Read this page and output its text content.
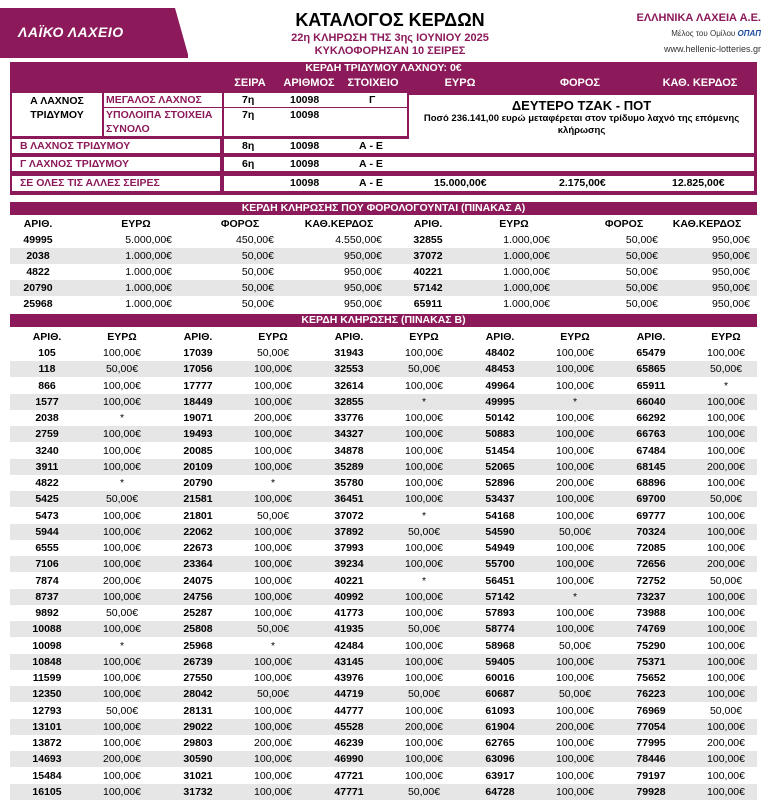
ΛΑΪΚΟ ΛΑΧΕΙΟ
ΚΑΤΑΛΟΓΟΣ ΚΕΡΔΩΝ
22η ΚΛΗΡΩΣΗ ΤΗΣ 3ης ΙΟΥΝΙΟΥ 2025
ΚΥΚΛΟΦΟΡΗΣΑΝ 10 ΣΕΙΡΕΣ
ΕΛΛΗΝΙΚΑ ΛΑΧΕΙΑ Α.Ε.
Μέλος του Ομίλου ΟΠΑΠ
www.hellenic-lotteries.gr
ΚΕΡΔΗ ΤΡΙΔΥΜΟΥ ΛΑΧΝΟΥ: 0€
ΣΕΙΡΑ	ΑΡΙΘΜΟΣ	ΣΤΟΙΧΕΙΟ	ΕΥΡΩ	ΦΟΡΟΣ	ΚΑΘ. ΚΕΡΔΟΣ
Α ΛΑΧΝΟΣ ΤΡΙΔΥΜΟΥ
ΜΕΓΑΛΟΣ ΛΑΧΝΟΣ	7η	10098	Γ
ΥΠΟΛΟΙΠΑ ΣΤΟΙΧΕΙΑ ΣΥΝΟΛΟ
7η	10098
ΔΕΥΤΕΡΟ ΤΖΑΚ - ΠΟΤ
Ποσό 236.141,00 ευρώ μεταφέρεται στον τρίδυμο λαχνό της επόμενης κλήρωσης
Β ΛΑΧΝΟΣ ΤΡΙΔΥΜΟΥ	8η	10098	Α - Ε
Γ ΛΑΧΝΟΣ ΤΡΙΔΥΜΟΥ	6η	10098	Α - Ε
ΣΕ ΟΛΕΣ ΤΙΣ ΑΛΛΕΣ ΣΕΙΡΕΣ	10098	Α - Ε	15.000,00€	2.175,00€	12.825,00€
ΚΕΡΔΗ ΚΛΗΡΩΣΗΣ ΠΟΥ ΦΟΡΟΛΟΓΟΥΝΤΑΙ (ΠΙΝΑΚΑΣ Α)
ΑΡΙΘ.	ΕΥΡΩ	ΦΟΡΟΣ	ΚΑΘ.ΚΕΡΔΟΣ	ΑΡΙΘ.	ΕΥΡΩ	ΦΟΡΟΣ	ΚΑΘ.ΚΕΡΔΟΣ
49995	5.000,00€	450,00€	4.550,00€	32855	1.000,00€	50,00€	950,00€
2038	1.000,00€	50,00€	950,00€	37072	1.000,00€	50,00€	950,00€
4822	1.000,00€	50,00€	950,00€	40221	1.000,00€	50,00€	950,00€
20790	1.000,00€	50,00€	950,00€	57142	1.000,00€	50,00€	950,00€
25968	1.000,00€	50,00€	950,00€	65911	1.000,00€	50,00€	950,00€
ΚΕΡΔΗ ΚΛΗΡΩΣΗΣ (ΠΙΝΑΚΑΣ Β)
ΑΡΙΘ.	ΕΥΡΩ	ΑΡΙΘ.	ΕΥΡΩ	ΑΡΙΘ.	ΕΥΡΩ	ΑΡΙΘ.	ΕΥΡΩ	ΑΡΙΘ.	ΕΥΡΩ
105	100,00€	17039	50,00€	31943	100,00€	48402	100,00€	65479	100,00€
118	50,00€	17056	100,00€	32553	50,00€	48453	100,00€	65865	50,00€
866	100,00€	17777	100,00€	32614	100,00€	49964	100,00€	65911	*
1577	100,00€	18449	100,00€	32855	*	49995	*	66040	100,00€
2038	*	19071	200,00€	33776	100,00€	50142	100,00€	66292	100,00€
2759	100,00€	19493	100,00€	34327	100,00€	50883	100,00€	66763	100,00€
3240	100,00€	20085	100,00€	34878	100,00€	51454	100,00€	67484	100,00€
3911	100,00€	20109	100,00€	35289	100,00€	52065	100,00€	68145	200,00€
4822	*	20790	*	35780	100,00€	52896	200,00€	68896	100,00€
5425	50,00€	21581	100,00€	36451	100,00€	53437	100,00€	69700	50,00€
5473	100,00€	21801	50,00€	37072	*	54168	100,00€	69777	100,00€
5944	100,00€	22062	100,00€	37892	50,00€	54590	50,00€	70324	100,00€
6555	100,00€	22673	100,00€	37993	100,00€	54949	100,00€	72085	100,00€
7106	100,00€	23364	100,00€	39234	100,00€	55700	100,00€	72656	200,00€
7874	200,00€	24075	100,00€	40221	*	56451	100,00€	72752	50,00€
8737	100,00€	24756	100,00€	40992	100,00€	57142	*	73237	100,00€
9892	50,00€	25287	100,00€	41773	100,00€	57893	100,00€	73988	100,00€
10088	100,00€	25808	50,00€	41935	50,00€	58774	100,00€	74769	100,00€
10098	*	25968	*	42484	100,00€	58968	50,00€	75290	100,00€
10848	100,00€	26739	100,00€	43145	100,00€	59405	100,00€	75371	100,00€
11599	100,00€	27550	100,00€	43976	100,00€	60016	100,00€	75652	100,00€
12350	100,00€	28042	50,00€	44719	50,00€	60687	50,00€	76223	100,00€
12793	50,00€	28131	100,00€	44777	100,00€	61093	100,00€	76969	50,00€
13101	100,00€	29022	100,00€	45528	200,00€	61904	200,00€	77054	100,00€
13872	100,00€	29803	200,00€	46239	100,00€	62765	100,00€	77995	200,00€
14693	200,00€	30590	100,00€	46990	100,00€	63096	100,00€	78446	100,00€
15484	100,00€	31021	100,00€	47721	100,00€	63917	100,00€	79197	100,00€
16105	100,00€	31732	100,00€	47771	50,00€	64728	100,00€	79928	100,00€
